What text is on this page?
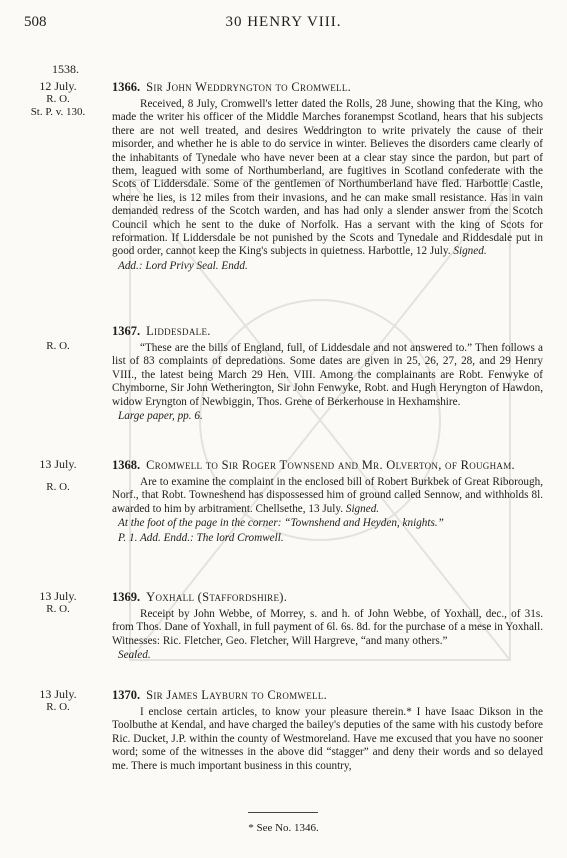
508	30 HENRY VIII.
1538.
12 July.
R. O.
St. P. v. 130.
1366. Sir John Weddryngton to Cromwell.

Received, 8 July, Cromwell's letter dated the Rolls, 28 June, showing that the King, who made the writer his officer of the Middle Marches foranempst Scotland, hears that his subjects there are not well treated, and desires Weddrington to write privately the cause of their misorder, and whether he is able to do service in winter. Believes the disorders came clearly of the inhabitants of Tynedale who have never been at a clear stay since the pardon, but part of them, leagued with some of Northumberland, are fugitives in Scotland confederate with the Scots of Liddersdale. Some of the gentlemen of Northumberland have fled. Harbottle Castle, where he lies, is 12 miles from their invasions, and he can make small resistance. Has in vain demanded redress of the Scotch warden, and has had only a slender answer from the Scotch Council which he sent to the duke of Norfolk. Has a servant with the king of Scots for reformation. If Liddersdale be not punished by the Scots and Tynedale and Riddesdale put in good order, cannot keep the King's subjects in quietness. Harbottle, 12 July. Signed.

Add.: Lord Privy Seal. Endd.
R. O.
1367. Liddesdale.

“These are the bills of England, full, of Liddesdale and not answered to.” Then follows a list of 83 complaints of depredations. Some dates are given in 25, 26, 27, 28, and 29 Henry VIII., the latest being March 29 Hen. VIII. Among the complainants are Robt. Fenwyke of Chymborne, Sir John Wetherington, Sir John Fenwyke, Robt. and Hugh Heryngton of Hawdon, widow Eryngton of Newbiggin, Thos. Grene of Berkerhouse in Hexhamshire.

Large paper, pp. 6.
13 July.
R. O.
1368. Cromwell to Sir Roger Townsend and Mr. Olverton, of Rougham.

Are to examine the complaint in the enclosed bill of Robert Burkbek of Great Riborough, Norf., that Robt. Towneshend has dispossessed him of ground called Sennow, and withholds 8l. awarded to him by arbitrament. Chellsethe, 13 July. Signed.

At the foot of the page in the corner: “Townshend and Heyden, knights.”
P. 1. Add. Endd.: The lord Cromwell.
13 July.
R. O.
1369. Yoxhall (Staffordshire).

Receipt by John Webbe, of Morrey, s. and h. of John Webbe, of Yoxhall, dec., of 31s. from Thos. Dane of Yoxhall, in full payment of 6l. 6s. 8d. for the purchase of a mese in Yoxhall. Witnesses: Ric. Fletcher, Geo. Fletcher, Will Hargreve, “and many others.”

Sealed.
13 July.
R. O.
1370. Sir James Layburn to Cromwell.

I enclose certain articles, to know your pleasure therein.* I have Isaac Dikson in the Toolbuthe at Kendal, and have charged the bailey's deputies of the same with his custody before Ric. Ducket, J.P. within the county of Westmoreland. Have me excused that you have no sooner word; some of the witnesses in the above did “stagger” and deny their words and so delayed me. There is much important business in this country,

* See No. 1346.
